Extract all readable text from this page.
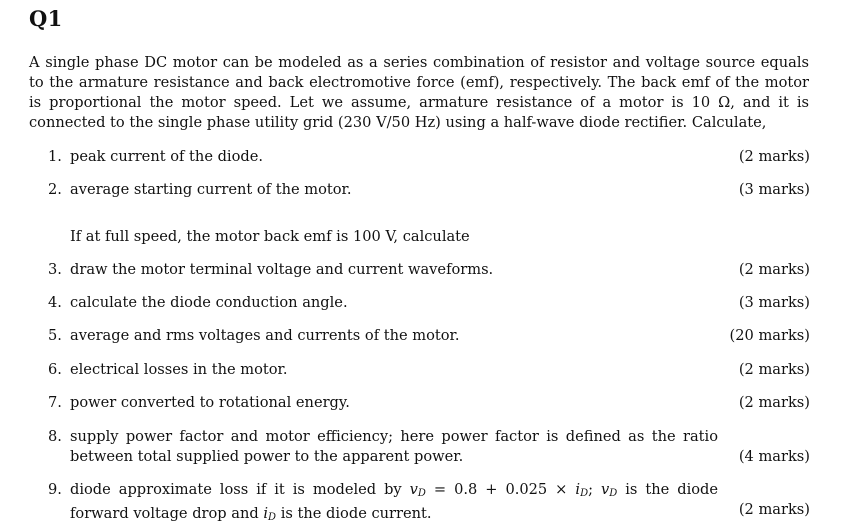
Q1
A single phase DC motor can be modeled as a series combination of resistor and voltage source equals to the armature resistance and back electromotive force (emf), respectively. The back emf of the motor is proportional the motor speed. Let we assume, armature resistance of a motor is 10 Ω, and it is connected to the single phase utility grid (230 V/50 Hz) using a half-wave diode rectifier. Calculate,
1. peak current of the diode.	(2 marks)
2. average starting current of the motor.	(3 marks)
If at full speed, the motor back emf is 100 V, calculate
3. draw the motor terminal voltage and current waveforms.	(2 marks)
4. calculate the diode conduction angle.	(3 marks)
5. average and rms voltages and currents of the motor.	(20 marks)
6. electrical losses in the motor.	(2 marks)
7. power converted to rotational energy.	(2 marks)
8. supply power factor and motor efficiency; here power factor is defined as the ratio between total supplied power to the apparent power.	(4 marks)
9. diode approximate loss if it is modeled by vD = 0.8 + 0.025 × iD; vD is the diode forward voltage drop and iD is the diode current.	(2 marks)
